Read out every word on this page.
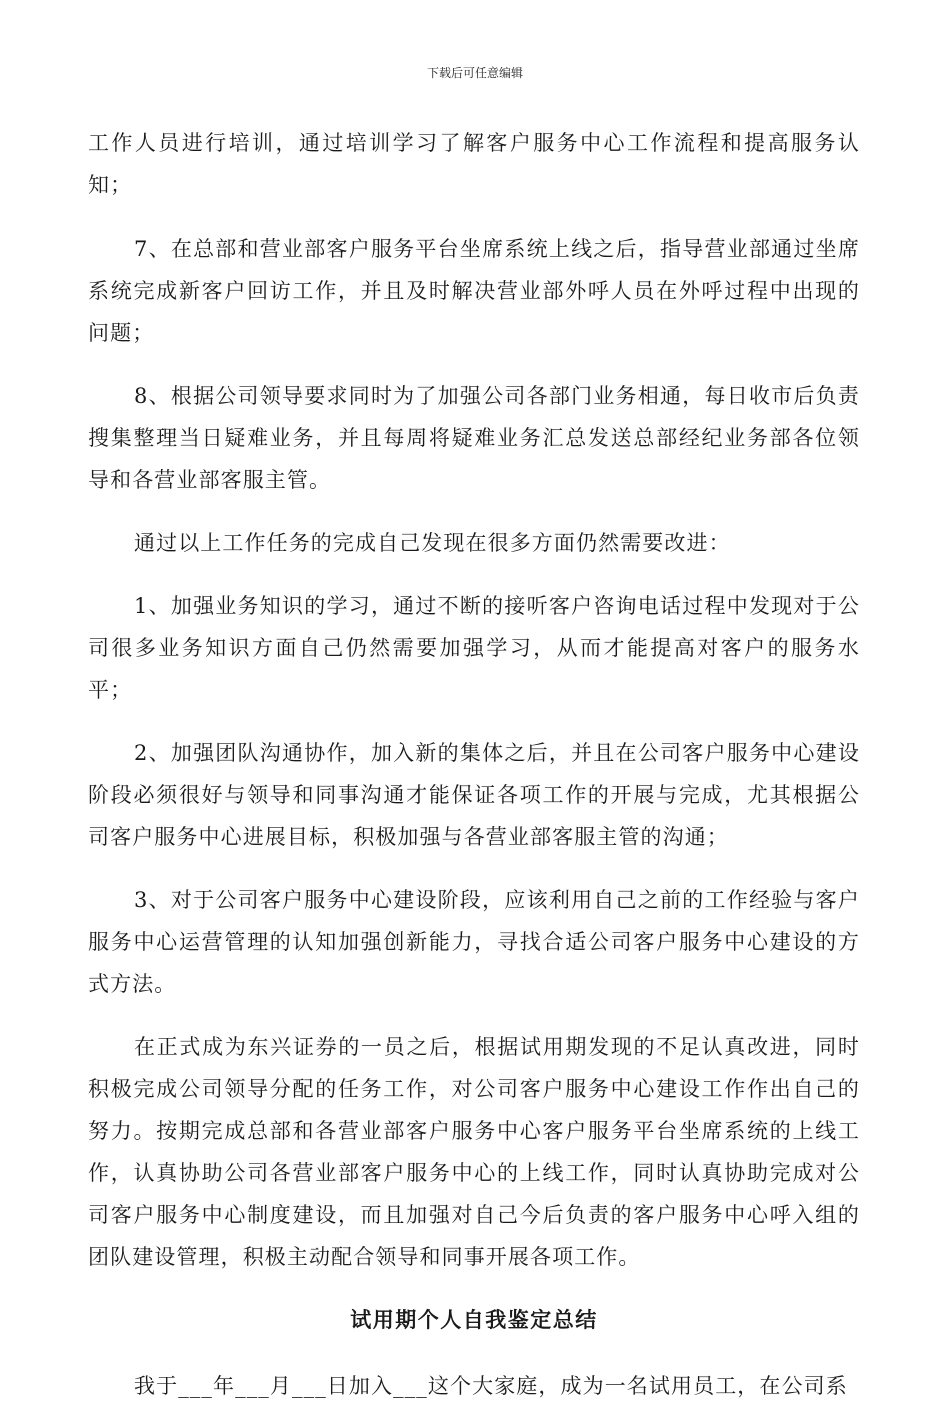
下载后可任意编辑

工作人员进行培训，通过培训学习了解客户服务中心工作流程和提高服务认知；

7、在总部和营业部客户服务平台坐席系统上线之后，指导营业部通过坐席系统完成新客户回访工作，并且及时解决营业部外呼人员在外呼过程中出现的问题；

8、根据公司领导要求同时为了加强公司各部门业务相通，每日收市后负责搜集整理当日疑难业务，并且每周将疑难业务汇总发送总部经纪业务部各位领导和各营业部客服主管。

通过以上工作任务的完成自己发现在很多方面仍然需要改进：

1、加强业务知识的学习，通过不断的接听客户咨询电话过程中发现对于公司很多业务知识方面自己仍然需要加强学习，从而才能提高对客户的服务水平；

2、加强团队沟通协作，加入新的集体之后，并且在公司客户服务中心建设阶段必须很好与领导和同事沟通才能保证各项工作的开展与完成，尤其根据公司客户服务中心进展目标，积极加强与各营业部客服主管的沟通；

3、对于公司客户服务中心建设阶段，应该利用自己之前的工作经验与客户服务中心运营管理的认知加强创新能力，寻找合适公司客户服务中心建设的方式方法。

在正式成为东兴证券的一员之后，根据试用期发现的不足认真改进，同时积极完成公司领导分配的任务工作，对公司客户服务中心建设工作作出自己的努力。按期完成总部和各营业部客户服务中心客户服务平台坐席系统的上线工作，认真协助公司各营业部客户服务中心的上线工作，同时认真协助完成对公司客户服务中心制度建设，而且加强对自己今后负责的客户服务中心呼入组的团队建设管理，积极主动配合领导和同事开展各项工作。

试用期个人自我鉴定总结

我于___年___月___日加入___这个大家庭，成为一名试用员工，在公司系
